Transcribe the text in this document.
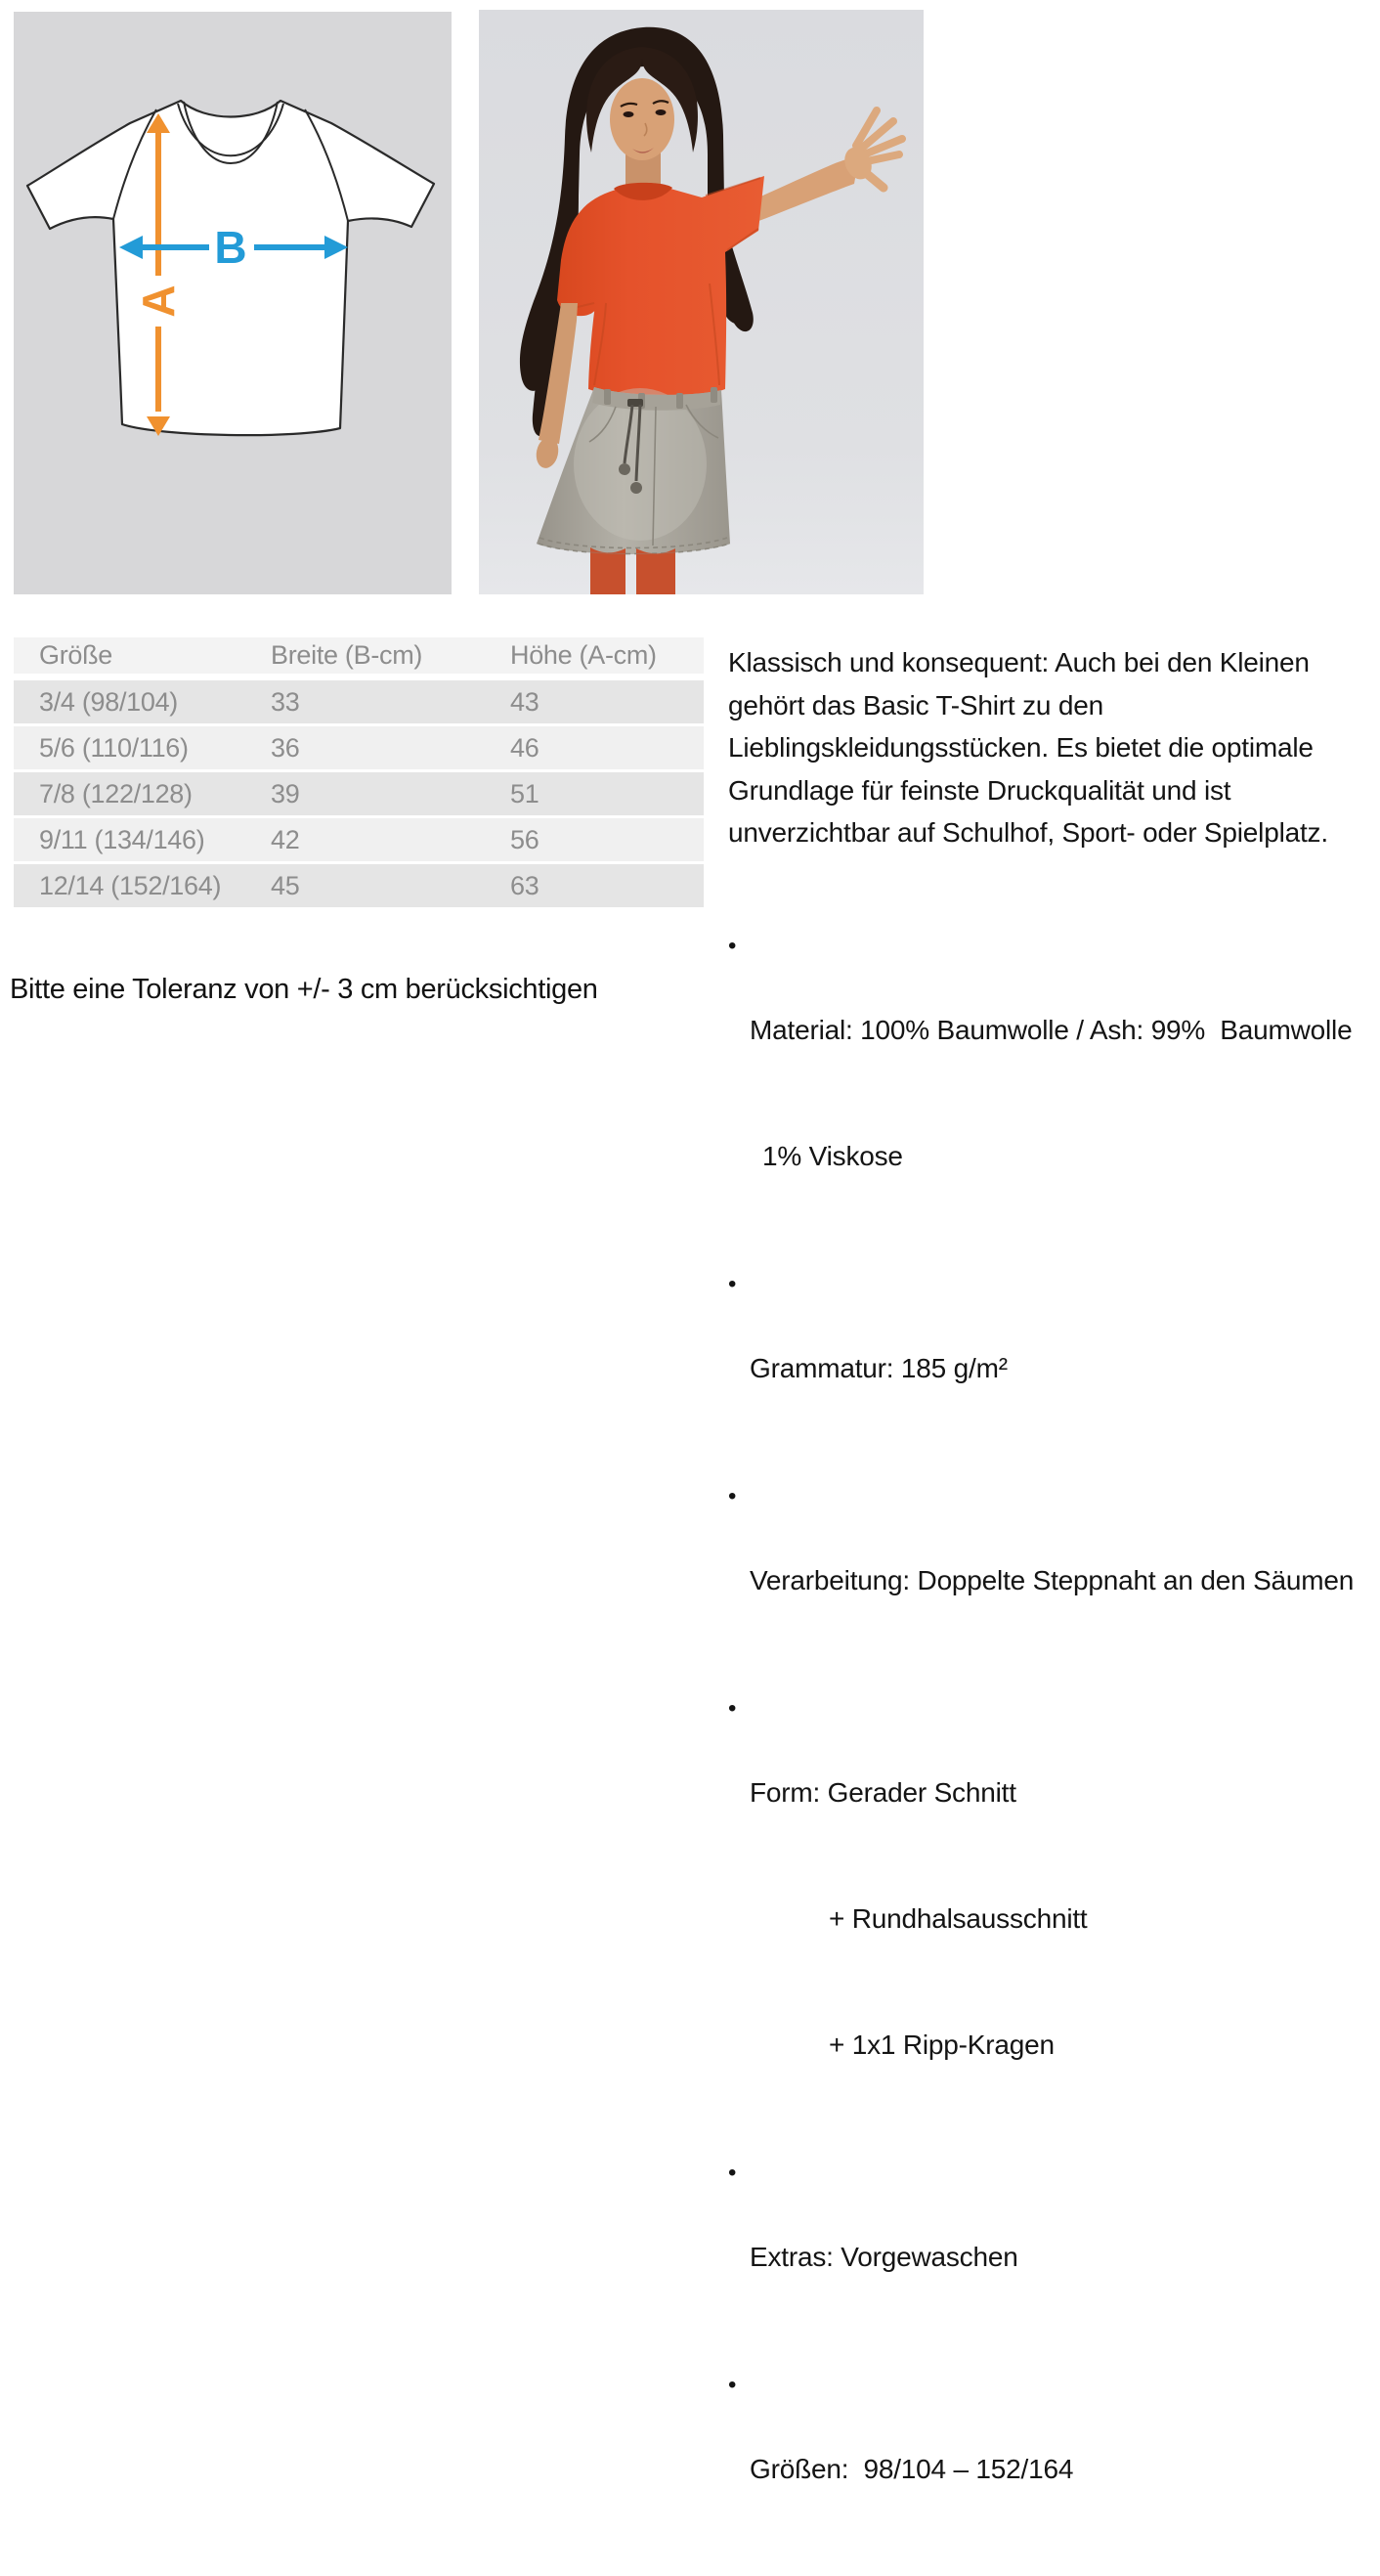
A
B
Größe	Breite (B-cm)	Höhe (A-cm)
3/4 (98/104)	33	43
5/6 (110/116)	36	46
7/8 (122/128)	39	51
9/11 (134/146)	42	56
12/14 (152/164)	45	63
Bitte eine Toleranz von +/- 3 cm berücksichtigen

Klassisch und konsequent: Auch bei den Kleinen gehört das Basic T-Shirt zu den Lieblingskleidungsstücken. Es bietet die optimale Grundlage für feinste Druckqualität und ist unverzichtbar auf Schulhof, Sport- oder Spielplatz.

• Material: 100% Baumwolle / Ash: 99%  Baumwolle

1% Viskose

• Grammatur: 185 g/m²

• Verarbeitung: Doppelte Steppnaht an den Säumen

• Form: Gerader Schnitt

+ Rundhalsausschnitt

+ 1x1 Ripp-Kragen

• Extras: Vorgewaschen

• Größen:  98/104 – 152/164
